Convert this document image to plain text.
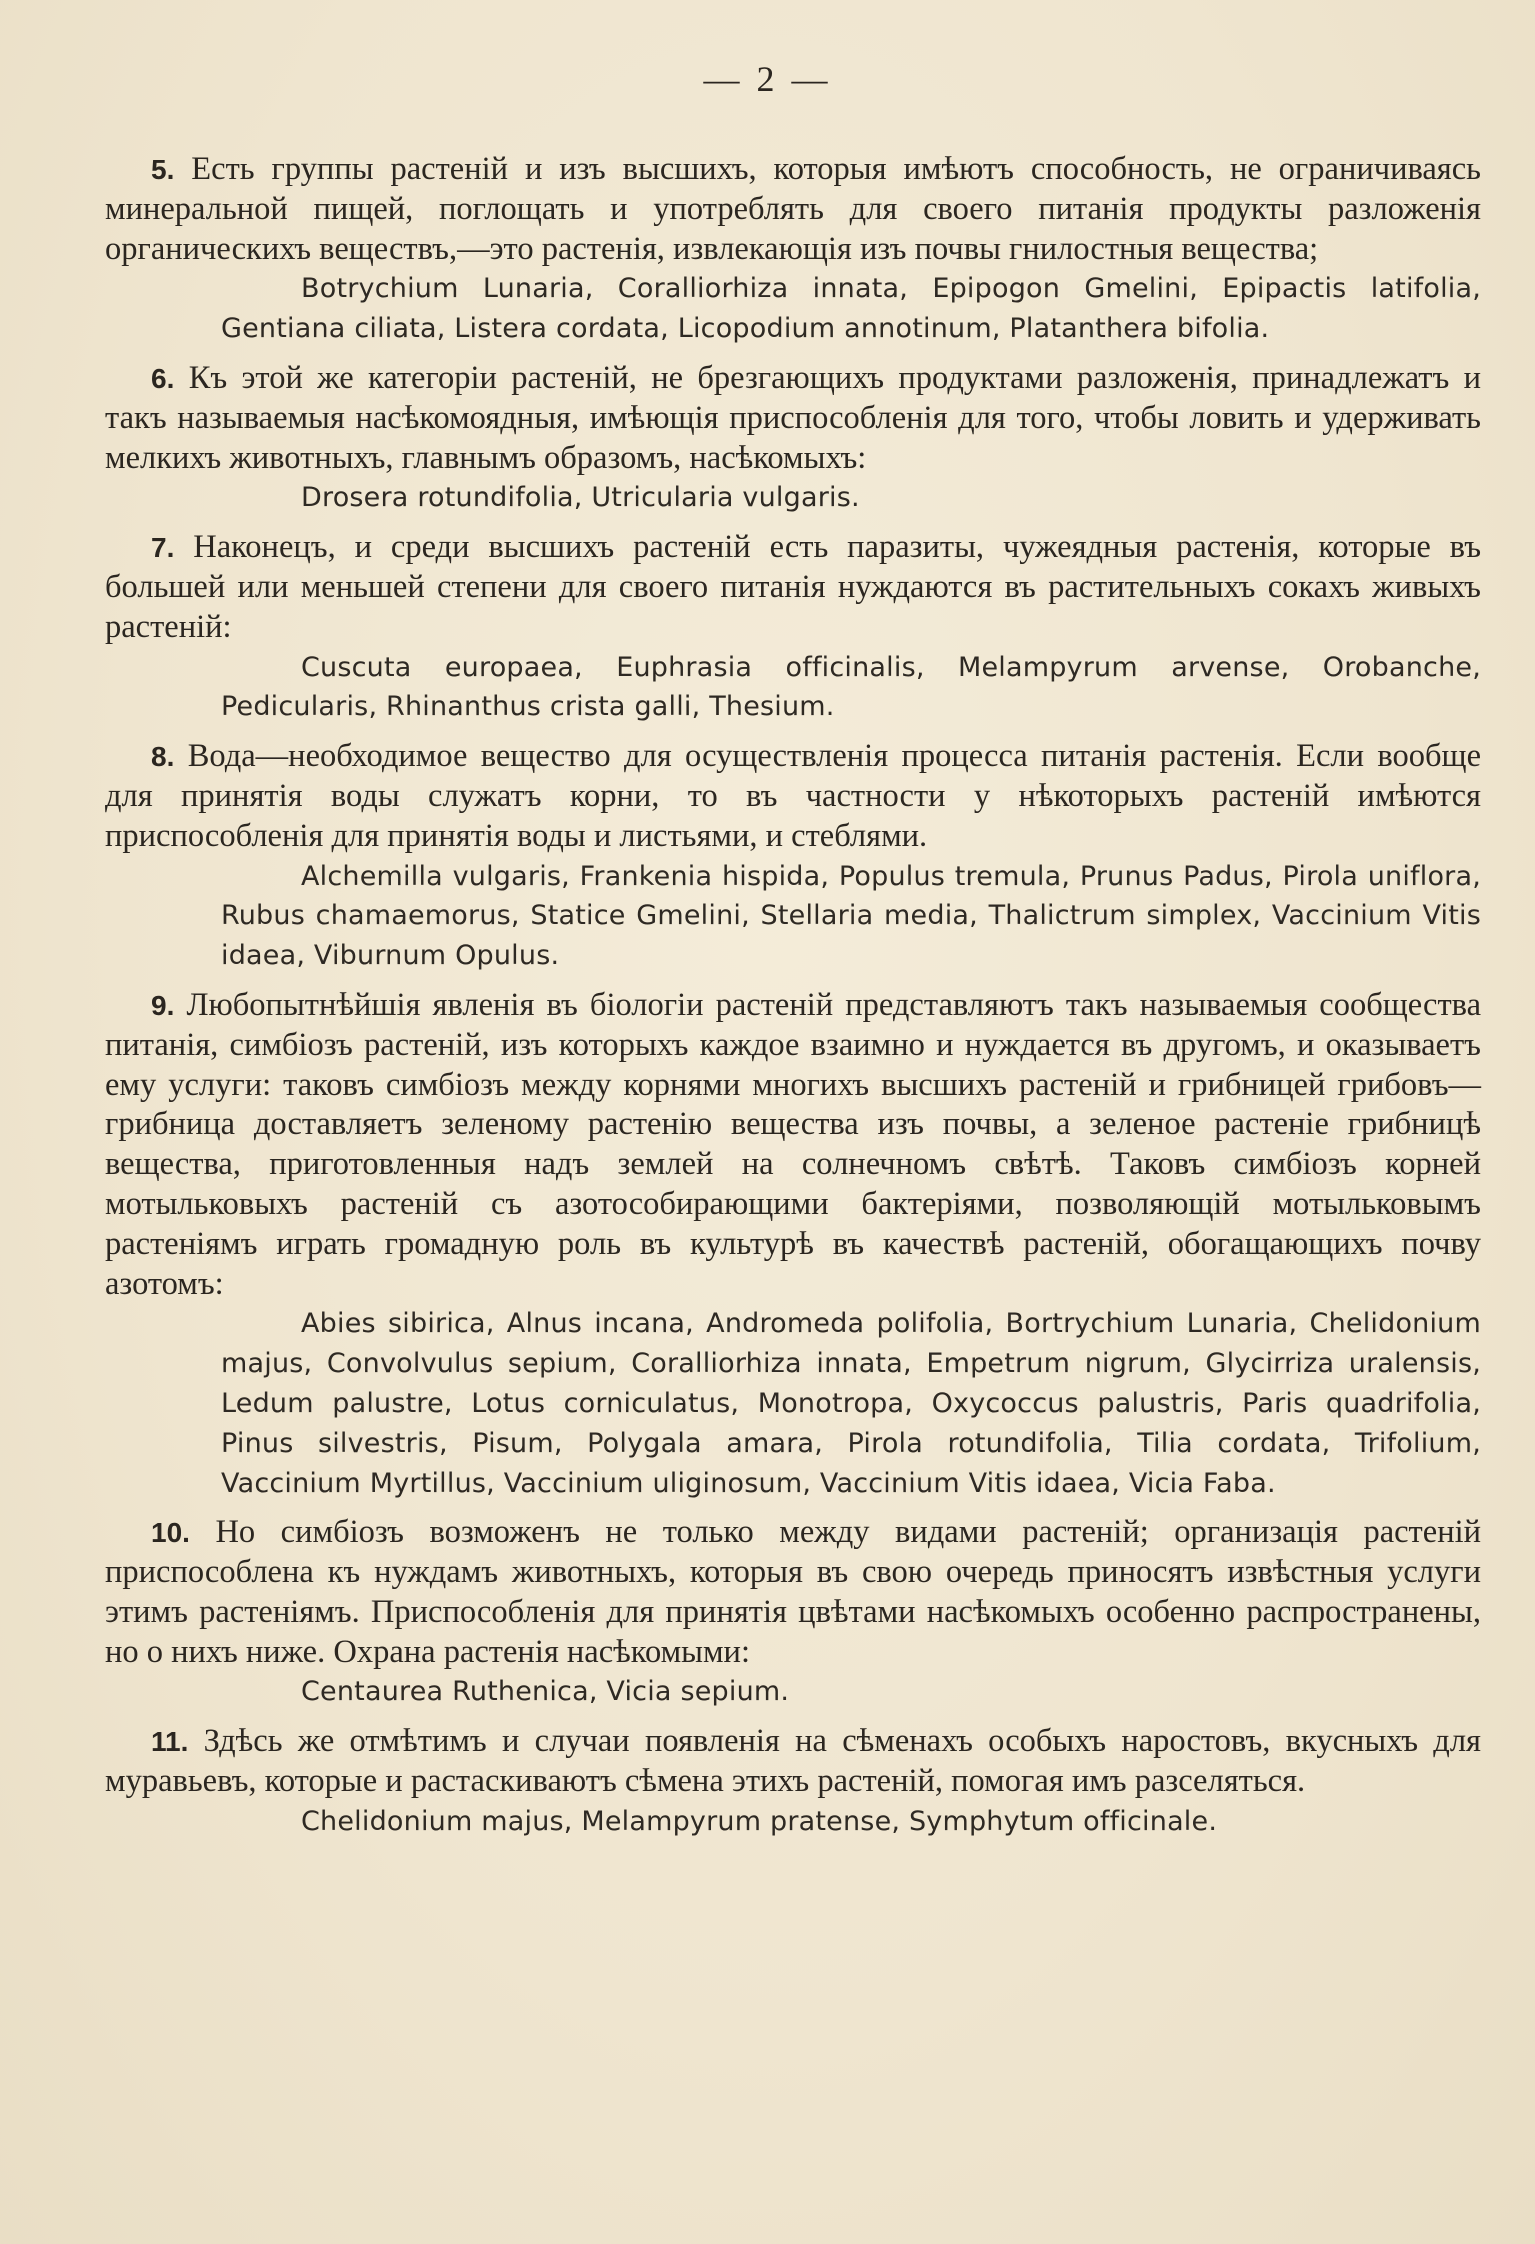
— 2 —

5. Есть группы растеній и изъ высшихъ, которыя имѣютъ способность, не ограничиваясь минеральной пищей, поглощать и употреблять для своего питанія продукты разложенія органическихъ веществъ,—это растенія, извлекающія изъ почвы гнилостныя вещества;

Botrychium Lunaria, Coralliorhiza innata, Epipogon Gmelini, Epipactis latifolia, Gentiana ciliata, Listera cordata, Licopodium annotinum, Platanthera bifolia.

6. Къ этой же категоріи растеній, не брезгающихъ продуктами разложенія, принадлежатъ и такъ называемыя насѣкомоядныя, имѣющія приспособленія для того, чтобы ловить и удерживать мелкихъ животныхъ, главнымъ образомъ, насѣкомыхъ:

Drosera rotundifolia, Utricularia vulgaris.

7. Наконецъ, и среди высшихъ растеній есть паразиты, чужеядныя растенія, которые въ большей или меньшей степени для своего питанія нуждаются въ растительныхъ сокахъ живыхъ растеній:

Cuscuta europaea, Euphrasia officinalis, Melampyrum arvense, Orobanche, Pedicularis, Rhinanthus crista galli, Thesium.

8. Вода—необходимое вещество для осуществленія процесса питанія растенія. Если вообще для принятія воды служатъ корни, то въ частности у нѣкоторыхъ растеній имѣются приспособленія для принятія воды и листьями, и стеблями.

Alchemilla vulgaris, Frankenia hispida, Populus tremula, Prunus Padus, Pirola uniflora, Rubus chamaemorus, Statice Gmelini, Stellaria media, Thalictrum simplex, Vaccinium Vitis idaea, Viburnum Opulus.

9. Любопытнѣйшія явленія въ біологіи растеній представляютъ такъ называемыя сообщества питанія, симбіозъ растеній, изъ которыхъ каждое взаимно и нуждается въ другомъ, и оказываетъ ему услуги: таковъ симбіозъ между корнями многихъ высшихъ растеній и грибницей грибовъ—грибница доставляетъ зеленому растенію вещества изъ почвы, а зеленое растеніе грибницѣ вещества, приготовленныя надъ землей на солнечномъ свѣтѣ. Таковъ симбіозъ корней мотыльковыхъ растеній съ азотособирающими бактеріями, позволяющій мотыльковымъ растеніямъ играть громадную роль въ культурѣ въ качествѣ растеній, обогащающихъ почву азотомъ:

Abies sibirica, Alnus incana, Andromeda polifolia, Bortrychium Lunaria, Chelidonium majus, Convolvulus sepium, Coralliorhiza innata, Empetrum nigrum, Glycirriza uralensis, Ledum palustre, Lotus corniculatus, Monotropa, Oxycoccus palustris, Paris quadrifolia, Pinus silvestris, Pisum, Polygala amara, Pirola rotundifolia, Tilia cordata, Trifolium, Vaccinium Myrtillus, Vaccinium uliginosum, Vaccinium Vitis idaea, Vicia Faba.

10. Но симбіозъ возможенъ не только между видами растеній; организація растеній приспособлена къ нуждамъ животныхъ, которыя въ свою очередь приносятъ извѣстныя услуги этимъ растеніямъ. Приспособленія для принятія цвѣтами насѣкомыхъ особенно распространены, но о нихъ ниже. Охрана растенія насѣкомыми:

Centaurea Ruthenica, Vicia sepium.

11. Здѣсь же отмѣтимъ и случаи появленія на сѣменахъ особыхъ наростовъ, вкусныхъ для муравьевъ, которые и растаскиваютъ сѣмена этихъ растеній, помогая имъ разселяться.

Chelidonium majus, Melampyrum pratense, Symphytum officinale.
